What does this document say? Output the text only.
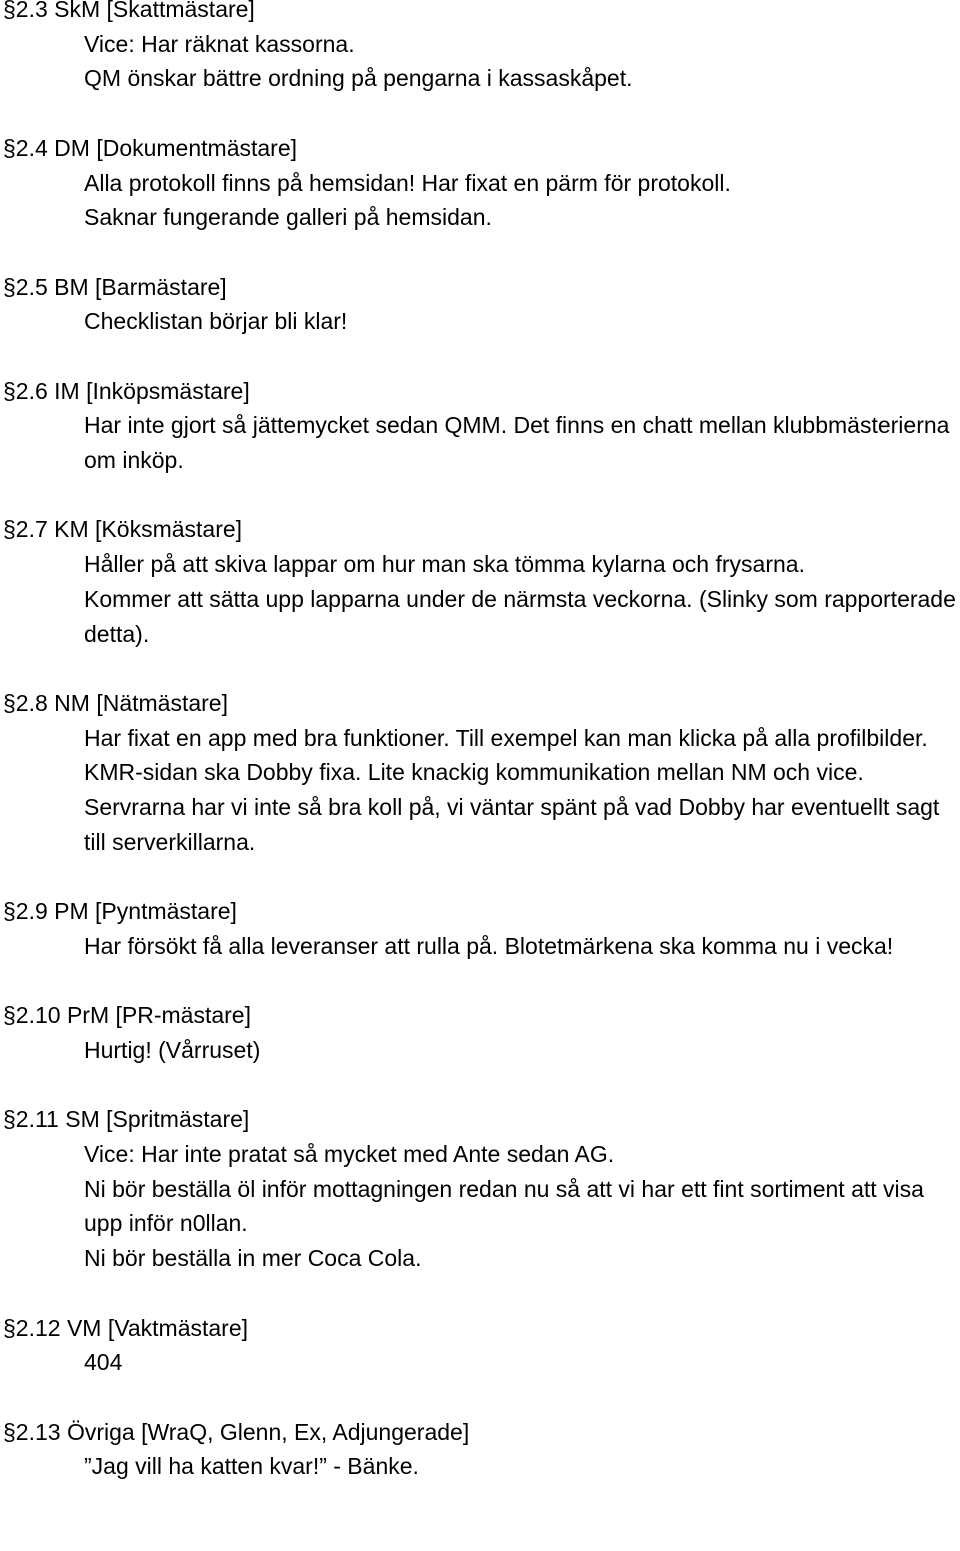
§2.3 SkM [Skattmästare]
Vice: Har räknat kassorna.
QM önskar bättre ordning på pengarna i kassaskåpet.
§2.4 DM [Dokumentmästare]
Alla protokoll finns på hemsidan! Har fixat en pärm för protokoll.
Saknar fungerande galleri på hemsidan.
§2.5 BM [Barmästare]
Checklistan börjar bli klar!
§2.6 IM [Inköpsmästare]
Har inte gjort så jättemycket sedan QMM. Det finns en chatt mellan klubbmästerierna om inköp.
§2.7 KM [Köksmästare]
Håller på att skiva lappar om hur man ska tömma kylarna och frysarna.
Kommer att sätta upp lapparna under de närmsta veckorna. (Slinky som rapporterade detta).
§2.8 NM [Nätmästare]
Har fixat en app med bra funktioner. Till exempel kan man klicka på alla profilbilder. KMR-sidan ska Dobby fixa. Lite knackig kommunikation mellan NM och vice.
Servrarna har vi inte så bra koll på, vi väntar spänt på vad Dobby har eventuellt sagt till serverkillarna.
§2.9 PM [Pyntmästare]
Har försökt få alla leveranser att rulla på. Blotetmärkena ska komma nu i vecka!
§2.10 PrM [PR-mästare]
Hurtig! (Vårruset)
§2.11 SM [Spritmästare]
Vice: Har inte pratat så mycket med Ante sedan AG.
Ni bör beställa öl inför mottagningen redan nu så att vi har ett fint sortiment att visa upp inför n0llan.
Ni bör beställa in mer Coca Cola.
§2.12 VM [Vaktmästare]
404
§2.13 Övriga [WraQ, Glenn, Ex, Adjungerade]
”Jag vill ha katten kvar!” - Bänke.
